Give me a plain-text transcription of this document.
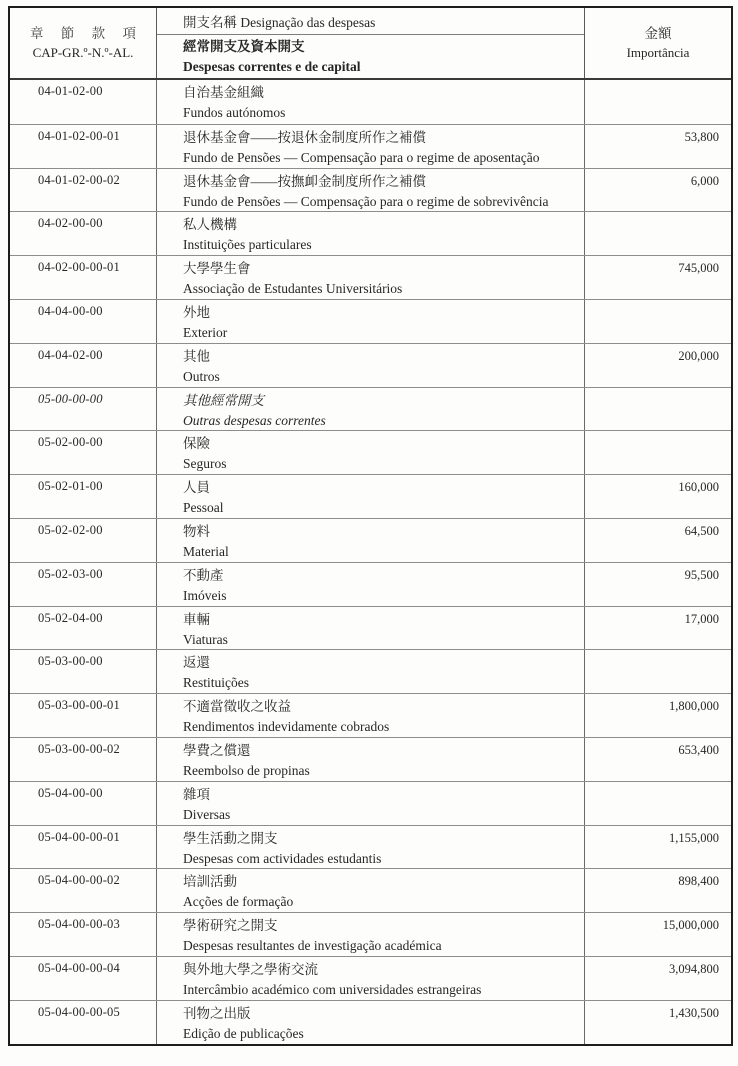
章 節 款 項
CAP-GR.º-N.º-AL.
開支名稱 Designação das despesas
經常開支及資本開支
Despesas correntes e de capital
金額
Importância
04-01-02-00	自治基金組織
Fundos autónomos
04-01-02-00-01	退休基金會——按退休金制度所作之補償
Fundo de Pensões — Compensação para o regime de aposentação
53,800
04-01-02-00-02	退休基金會——按撫卹金制度所作之補償
Fundo de Pensões — Compensação para o regime de sobrevivência
6,000
04-02-00-00	私人機構
Instituições particulares
04-02-00-00-01	大學學生會
Associação de Estudantes Universitários
745,000
04-04-00-00	外地
Exterior
04-04-02-00	其他
Outros
200,000
05-00-00-00	其他經常開支
Outras despesas correntes
05-02-00-00	保險
Seguros
05-02-01-00	人員
Pessoal
160,000
05-02-02-00	物料
Material
64,500
05-02-03-00	不動產
Imóveis
95,500
05-02-04-00	車輛
Viaturas
17,000
05-03-00-00	返還
Restituições
05-03-00-00-01	不適當徵收之收益
Rendimentos indevidamente cobrados
1,800,000
05-03-00-00-02	學費之償還
Reembolso de propinas
653,400
05-04-00-00	雜項
Diversas
05-04-00-00-01	學生活動之開支
Despesas com actividades estudantis
1,155,000
05-04-00-00-02	培訓活動
Acções de formação
898,400
05-04-00-00-03	學術研究之開支
Despesas resultantes de investigação académica
15,000,000
05-04-00-00-04	與外地大學之學術交流
Intercâmbio académico com universidades estrangeiras
3,094,800
05-04-00-00-05	刊物之出版
Edição de publicações
1,430,500
